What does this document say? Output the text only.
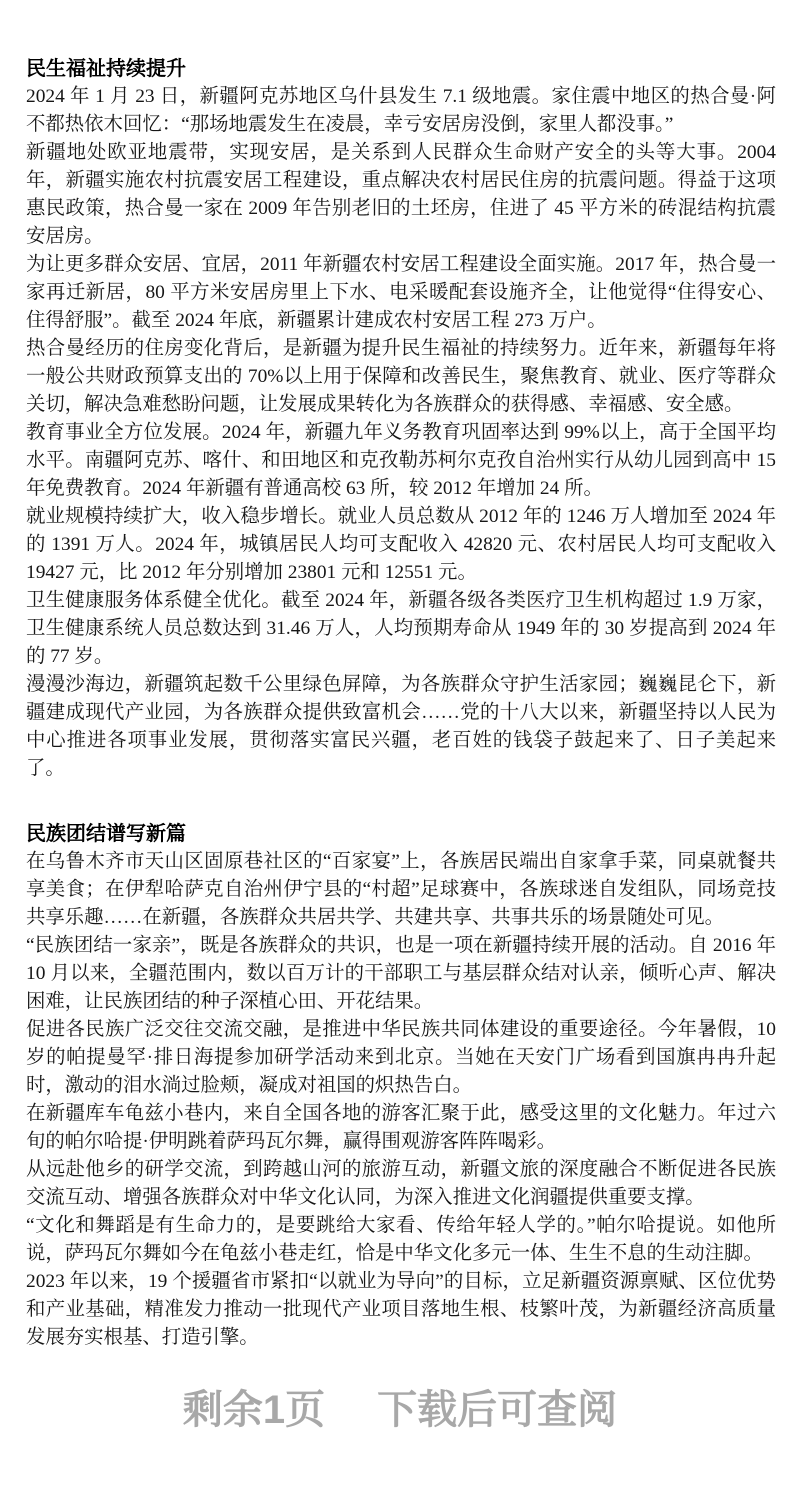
民生福祉持续提升

2024 年 1 月 23 日，新疆阿克苏地区乌什县发生 7.1 级地震。家住震中地区的热合曼·阿不都热依木回忆：“那场地震发生在凌晨，幸亏安居房没倒，家里人都没事。”

新疆地处欧亚地震带，实现安居，是关系到人民群众生命财产安全的头等大事。2004 年，新疆实施农村抗震安居工程建设，重点解决农村居民住房的抗震问题。得益于这项惠民政策，热合曼一家在 2009 年告别老旧的土坯房，住进了 45 平方米的砖混结构抗震安居房。

为让更多群众安居、宜居，2011 年新疆农村安居工程建设全面实施。2017 年，热合曼一家再迁新居，80 平方米安居房里上下水、电采暖配套设施齐全，让他觉得“住得安心、住得舒服”。截至 2024 年底，新疆累计建成农村安居工程 273 万户。

热合曼经历的住房变化背后，是新疆为提升民生福祉的持续努力。近年来，新疆每年将一般公共财政预算支出的 70%以上用于保障和改善民生，聚焦教育、就业、医疗等群众关切，解决急难愁盼问题，让发展成果转化为各族群众的获得感、幸福感、安全感。

教育事业全方位发展。2024 年，新疆九年义务教育巩固率达到 99%以上，高于全国平均水平。南疆阿克苏、喀什、和田地区和克孜勒苏柯尔克孜自治州实行从幼儿园到高中 15 年免费教育。2024 年新疆有普通高校 63 所，较 2012 年增加 24 所。

就业规模持续扩大，收入稳步增长。就业人员总数从 2012 年的 1246 万人增加至 2024 年的 1391 万人。2024 年，城镇居民人均可支配收入 42820 元、农村居民人均可支配收入 19427 元，比 2012 年分别增加 23801 元和 12551 元。

卫生健康服务体系健全优化。截至 2024 年，新疆各级各类医疗卫生机构超过 1.9 万家，卫生健康系统人员总数达到 31.46 万人，人均预期寿命从 1949 年的 30 岁提高到 2024 年的 77 岁。

漫漫沙海边，新疆筑起数千公里绿色屏障，为各族群众守护生活家园；巍巍昆仑下，新疆建成现代产业园，为各族群众提供致富机会……党的十八大以来，新疆坚持以人民为中心推进各项事业发展，贯彻落实富民兴疆，老百姓的钱袋子鼓起来了、日子美起来了。

民族团结谱写新篇

在乌鲁木齐市天山区固原巷社区的“百家宴”上，各族居民端出自家拿手菜，同桌就餐共享美食；在伊犁哈萨克自治州伊宁县的“村超”足球赛中，各族球迷自发组队，同场竞技共享乐趣……在新疆，各族群众共居共学、共建共享、共事共乐的场景随处可见。

“民族团结一家亲”，既是各族群众的共识，也是一项在新疆持续开展的活动。自 2016 年 10 月以来，全疆范围内，数以百万计的干部职工与基层群众结对认亲，倾听心声、解决困难，让民族团结的种子深植心田、开花结果。

促进各民族广泛交往交流交融，是推进中华民族共同体建设的重要途径。今年暑假，10 岁的帕提曼罕·排日海提参加研学活动来到北京。当她在天安门广场看到国旗冉冉升起时，激动的泪水淌过脸颊，凝成对祖国的炽热告白。

在新疆库车龟兹小巷内，来自全国各地的游客汇聚于此，感受这里的文化魅力。年过六旬的帕尔哈提·伊明跳着萨玛瓦尔舞，赢得围观游客阵阵喝彩。

从远赴他乡的研学交流，到跨越山河的旅游互动，新疆文旅的深度融合不断促进各民族交流互动、增强各族群众对中华文化认同，为深入推进文化润疆提供重要支撑。

“文化和舞蹈是有生命力的，是要跳给大家看、传给年轻人学的。”帕尔哈提说。如他所说，萨玛瓦尔舞如今在龟兹小巷走红，恰是中华文化多元一体、生生不息的生动注脚。

2023 年以来，19 个援疆省市紧扣“以就业为导向”的目标，立足新疆资源禀赋、区位优势和产业基础，精准发力推动一批现代产业项目落地生根、枝繁叶茂，为新疆经济高质量发展夯实根基、打造引擎。

剩余1页 下载后可查阅
